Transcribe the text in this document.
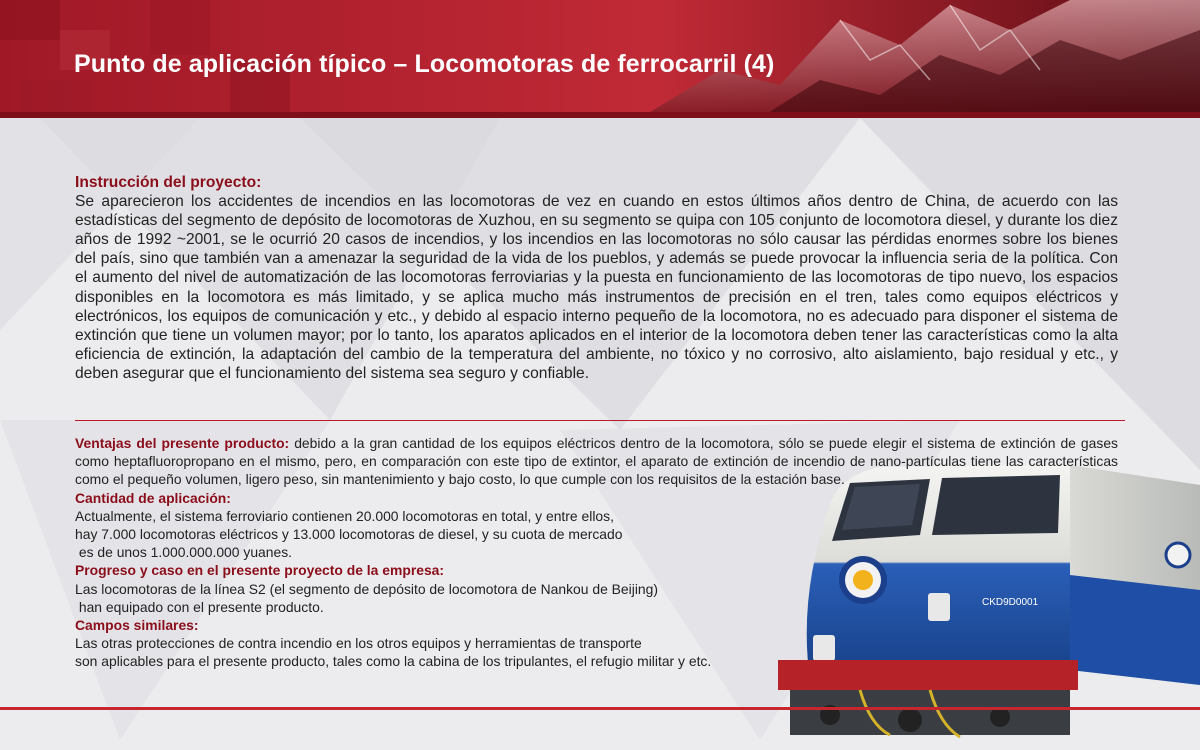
Punto de aplicación típico – Locomotoras de ferrocarril (4)

Instrucción del proyecto:
Se aparecieron los accidentes de incendios en las locomotoras de vez en cuando en estos últimos años dentro de China, de acuerdo con las estadísticas del segmento de depósito de locomotoras de Xuzhou, en su segmento se quipa con 105 conjunto de locomotora diesel, y durante los diez años de 1992 ~2001, se le ocurrió 20 casos de incendios, y los incendios en las locomotoras no sólo causar las pérdidas enormes sobre los bienes del país, sino que también van a amenazar la seguridad de la vida de los pueblos, y además se puede provocar la influencia seria de la política. Con el aumento del nivel de automatización de las locomotoras ferroviarias y la puesta en funcionamiento de las locomotoras de tipo nuevo, los espacios disponibles en la locomotora es más limitado, y se aplica mucho más instrumentos de precisión en el tren, tales como equipos eléctricos y electrónicos, los equipos de comunicación y etc., y debido al espacio interno pequeño de la locomotora, no es adecuado para disponer el sistema de extinción que tiene un volumen mayor; por lo tanto, los aparatos aplicados en el interior de la locomotora deben tener las características como la alta eficiencia de extinción, la adaptación del cambio de la temperatura del ambiente, no tóxico y no corrosivo, alto aislamiento, bajo residual y etc., y deben asegurar que el funcionamiento del sistema sea seguro y confiable.

CKD9D0001

Ventajas del presente producto: debido a la gran cantidad de los equipos eléctricos dentro de la locomotora, sólo se puede elegir el sistema de extinción de gases como heptafluoropropano en el mismo, pero, en comparación con este tipo de extintor, el aparato de extinción de incendio de nano-partículas tiene las características como el pequeño volumen, ligero peso, sin mantenimiento y bajo costo, lo que cumple con los requisitos de la estación base.

Cantidad de aplicación:
Actualmente, el sistema ferroviario contienen 20.000 locomotoras en total, y entre ellos,
hay 7.000 locomotoras eléctricos y 13.000 locomotoras de diesel, y su cuota de mercado
es de unos 1.000.000.000 yuanes.

Progreso y caso en el presente proyecto de la empresa:
Las locomotoras de la línea S2 (el segmento de depósito de locomotora de Nankou de Beijing)
han equipado con el presente producto.

Campos similares:
Las otras protecciones de contra incendio en los otros equipos y herramientas de transporte
son aplicables para el presente producto, tales como la cabina de los tripulantes, el refugio militar y etc.
